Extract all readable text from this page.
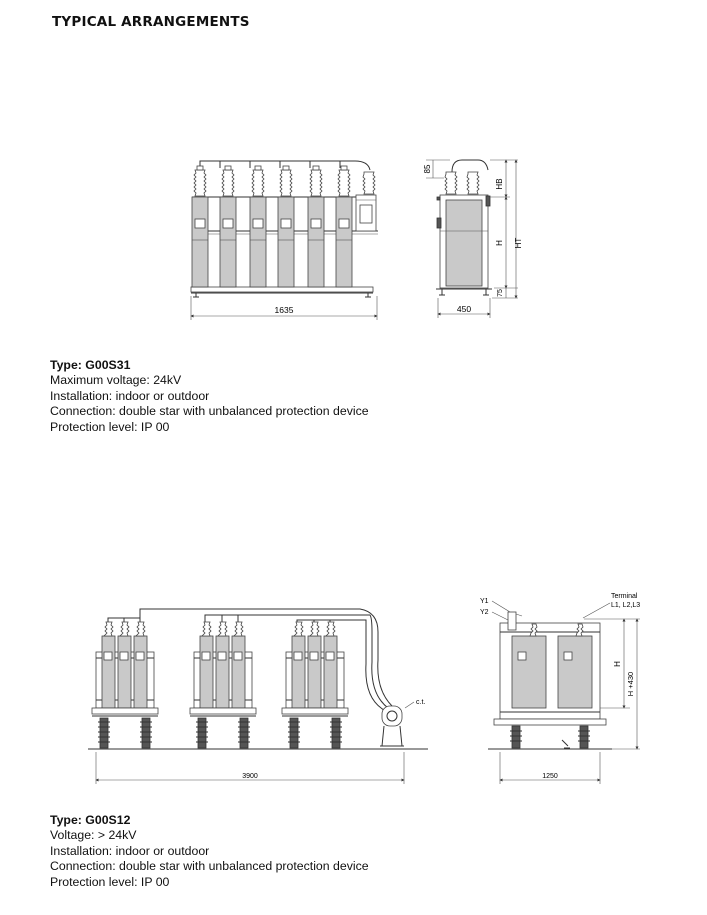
TYPICAL ARRANGEMENTS
1635	450
85
HB
H
75
HT
c.t.
3900
Y1
Y2
Terminal
L1, L2,L3
H
H +430
1250
Type: G00S31
Maximum voltage: 24kV
Installation: indoor or outdoor
Connection: double star with unbalanced protection device
Protection level: IP 00
Type: G00S12
Voltage: > 24kV
Installation: indoor or outdoor
Connection: double star with unbalanced protection device
Protection level: IP 00
